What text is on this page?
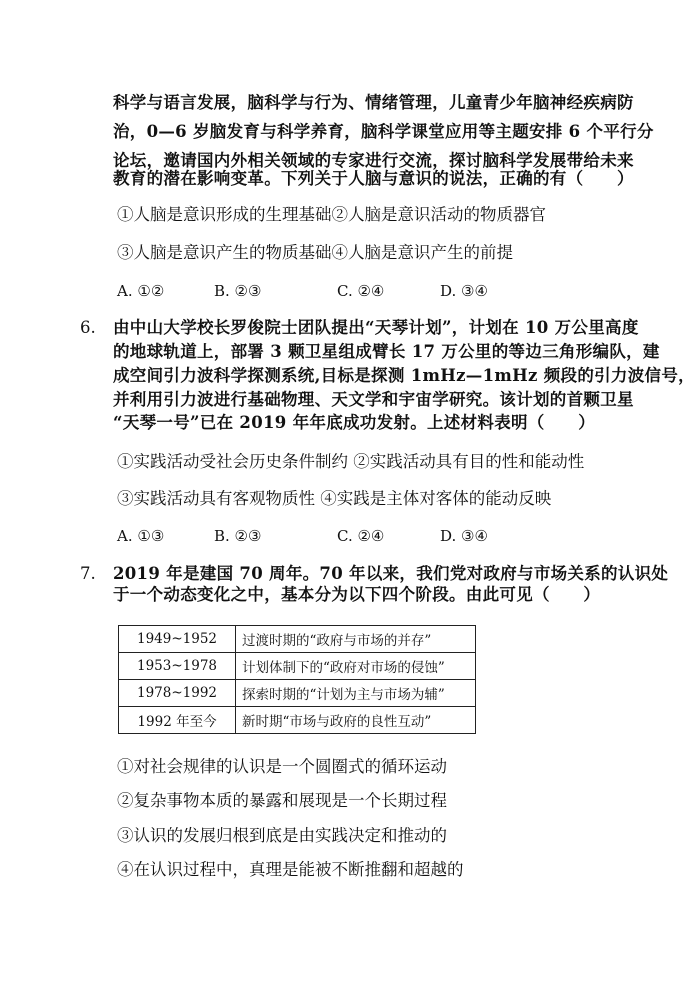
科学与语言发展，脑科学与行为、情绪管理，儿童青少年脑神经疾病防
治，0—6 岁脑发育与科学养育，脑科学课堂应用等主题安排 6 个平行分
论坛，邀请国内外相关领域的专家进行交流，探讨脑科学发展带给未来
教育的潜在影响变革。下列关于人脑与意识的说法，正确的有（　　）
①人脑是意识形成的生理基础②人脑是意识活动的物质器官
③人脑是意识产生的物质基础④人脑是意识产生的前提
A. ①②	B. ②③	C. ②④	D. ③④
6. 由中山大学校长罗俊院士团队提出“天琴计划”，计划在 10 万公里高度
的地球轨道上，部署 3 颗卫星组成臂长 17 万公里的等边三角形编队，建
成空间引力波科学探测系统,目标是探测 1mHz—1mHz 频段的引力波信号，
并利用引力波进行基础物理、天文学和宇宙学研究。该计划的首颗卫星
“天琴一号”已在 2019 年年底成功发射。上述材料表明（　　）
①实践活动受社会历史条件制约 ②实践活动具有目的性和能动性
③实践活动具有客观物质性 ④实践是主体对客体的能动反映
A. ①③	B. ②③	C. ②④	D. ③④
7. 2019 年是建国 70 周年。70 年以来，我们党对政府与市场关系的认识处
于一个动态变化之中，基本分为以下四个阶段。由此可见（　　）
1949~1952	过渡时期的“政府与市场的并存”
1953~1978	计划体制下的“政府对市场的侵蚀”
1978~1992	探索时期的“计划为主与市场为辅”
1992 年至今	新时期“市场与政府的良性互动”
①对社会规律的认识是一个圆圈式的循环运动
②复杂事物本质的暴露和展现是一个长期过程
③认识的发展归根到底是由实践决定和推动的
④在认识过程中，真理是能被不断推翻和超越的
